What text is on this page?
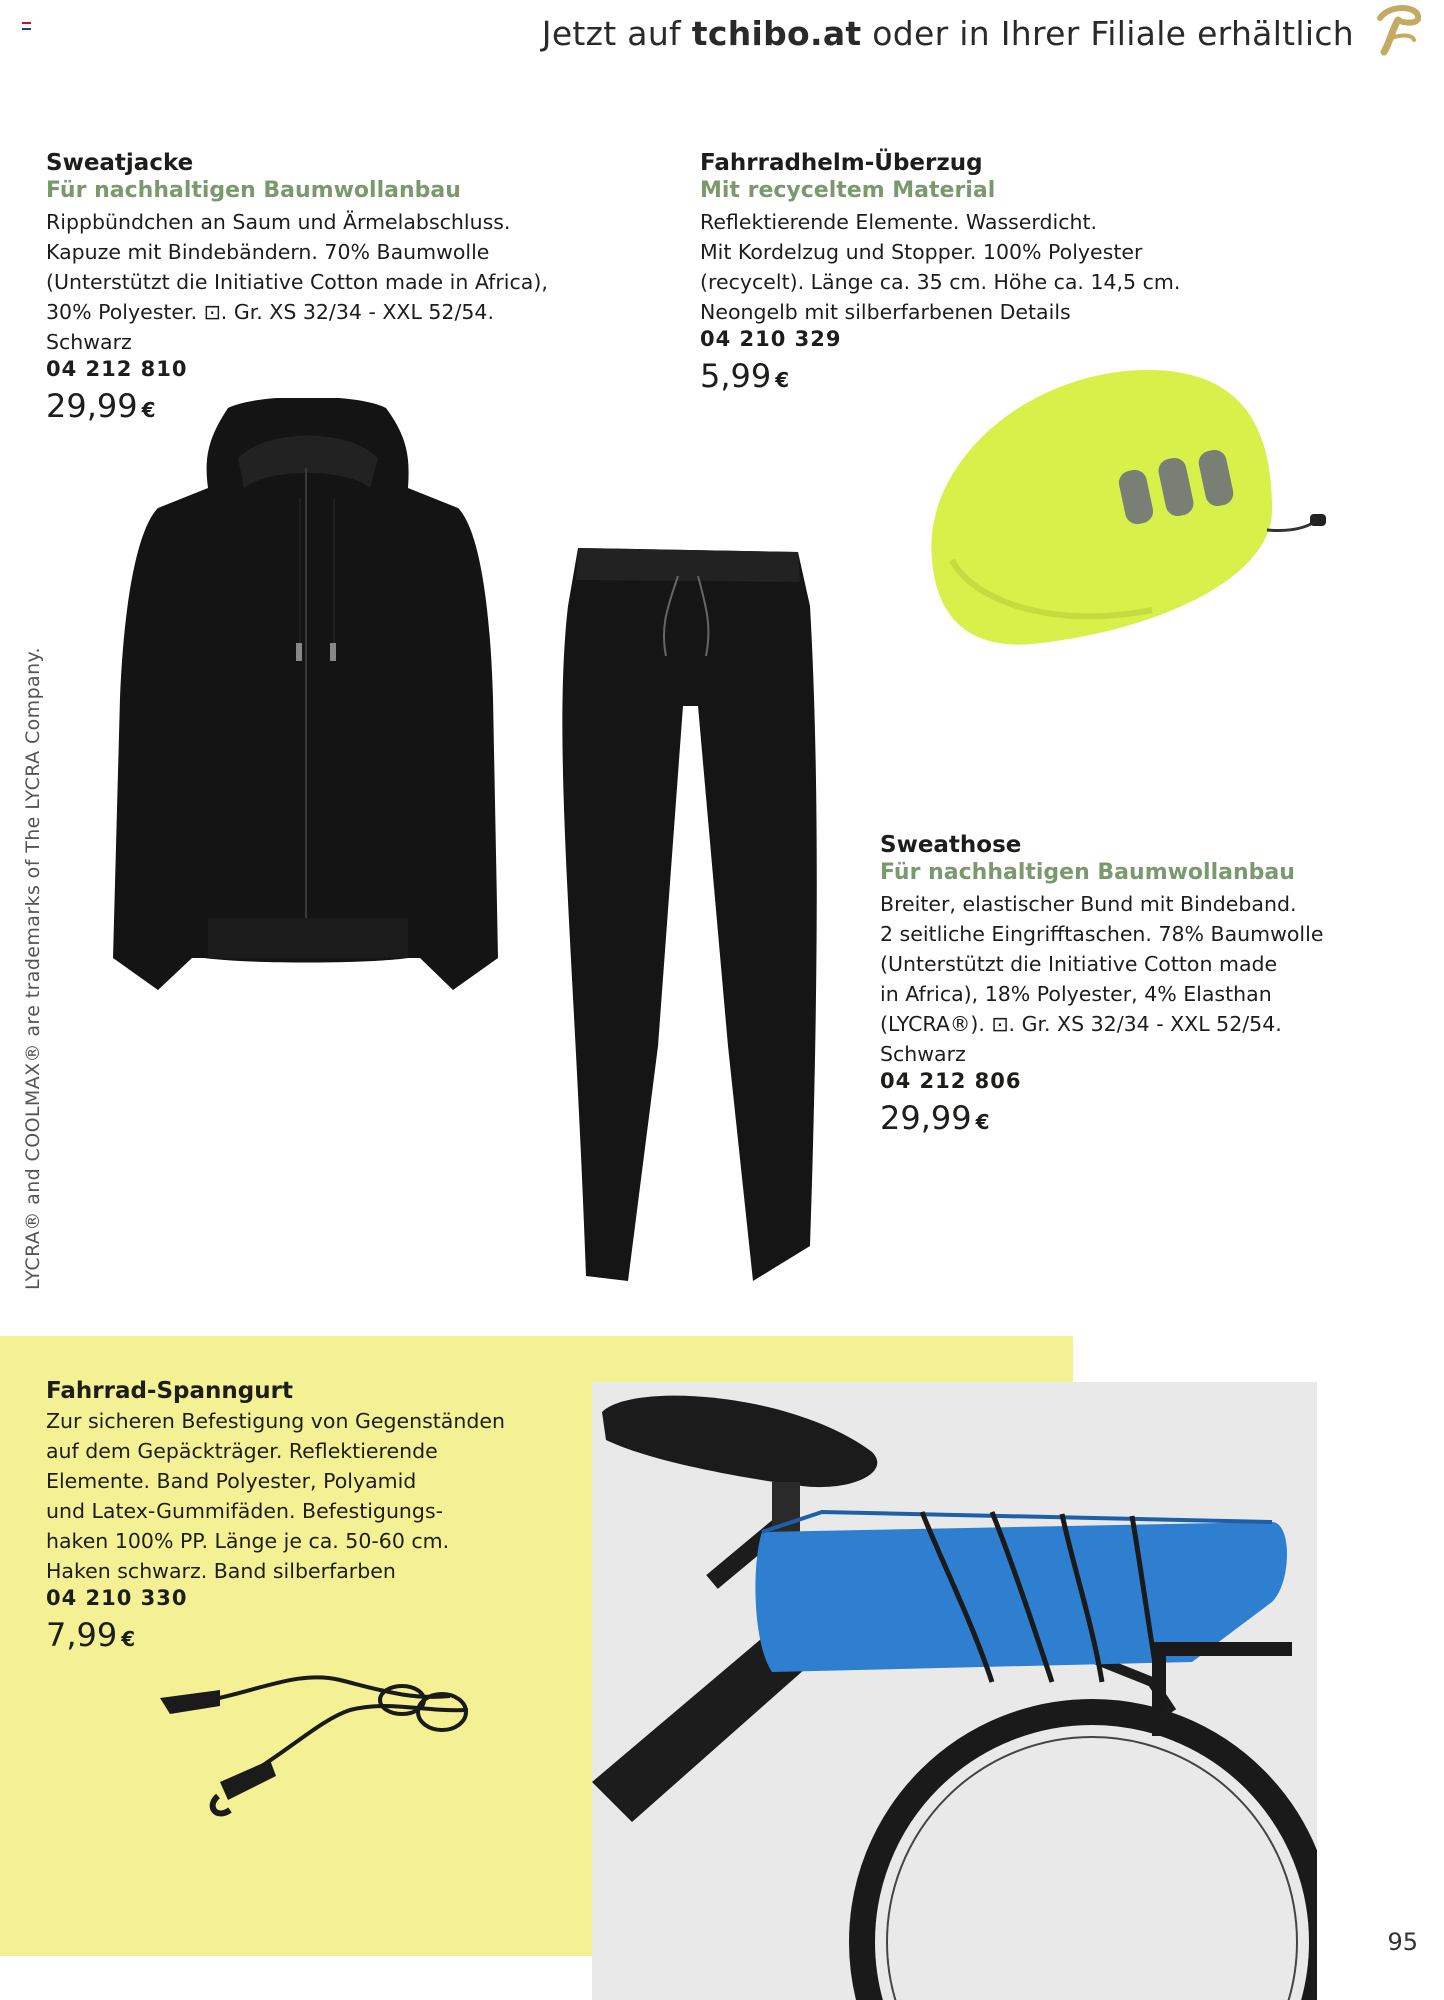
Jetzt auf tchibo.at oder in Ihrer Filiale erhältlich
LYCRA® and COOLMAX® are trademarks of The LYCRA Company.
Sweatjacke
Für nachhaltigen Baumwollanbau
Rippbündchen an Saum und Ärmelabschluss.
Kapuze mit Bindebändern. 70% Baumwolle
(Unterstützt die Initiative Cotton made in Africa),
30% Polyester. ⊡. Gr. XS 32/34 - XXL 52/54.
Schwarz
04 212 810
29,99 €
Fahrradhelm-Überzug
Mit recyceltem Material
Reflektierende Elemente. Wasserdicht.
Mit Kordelzug und Stopper. 100% Polyester
(recycelt). Länge ca. 35 cm. Höhe ca. 14,5 cm.
Neongelb mit silberfarbenen Details
04 210 329
5,99 €
Sweathose
Für nachhaltigen Baumwollanbau
Breiter, elastischer Bund mit Bindeband.
2 seitliche Eingrifftaschen. 78% Baumwolle
(Unterstützt die Initiative Cotton made
in Africa), 18% Polyester, 4% Elasthan
(LYCRA®). ⊡. Gr. XS 32/34 - XXL 52/54.
Schwarz
04 212 806
29,99 €
Fahrrad-Spanngurt
Zur sicheren Befestigung von Gegenständen
auf dem Gepäckträger. Reflektierende
Elemente. Band Polyester, Polyamid
und Latex-Gummifäden. Befestigungs-
haken 100% PP. Länge je ca. 50-60 cm.
Haken schwarz. Band silberfarben
04 210 330
7,99 €
95
